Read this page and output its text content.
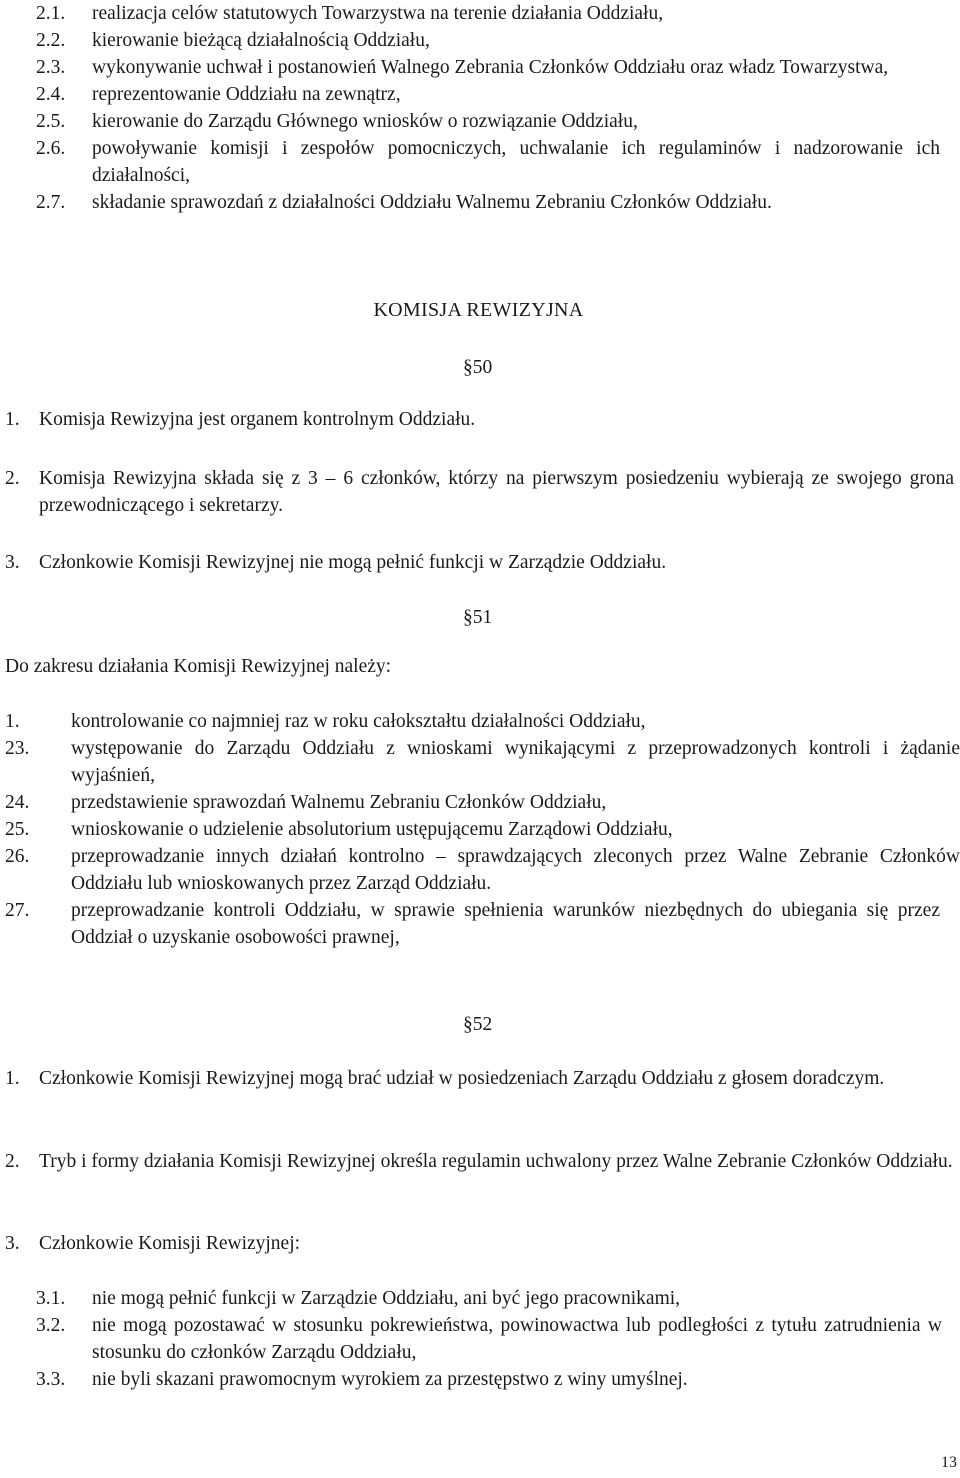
2.1. realizacja celów statutowych Towarzystwa na terenie działania Oddziału,
2.2. kierowanie bieżącą działalnością Oddziału,
2.3. wykonywanie uchwał i postanowień Walnego Zebrania Członków Oddziału oraz władz Towarzystwa,
2.4. reprezentowanie Oddziału na zewnątrz,
2.5. kierowanie do Zarządu Głównego wniosków o rozwiązanie Oddziału,
2.6. powoływanie komisji i zespołów pomocniczych, uchwalanie ich regulaminów i nadzorowanie ich działalności,
2.7. składanie sprawozdań z działalności Oddziału Walnemu Zebraniu Członków Oddziału.
KOMISJA REWIZYJNA
§50
1. Komisja Rewizyjna jest organem kontrolnym Oddziału.
2. Komisja Rewizyjna składa się z 3 – 6 członków, którzy na pierwszym posiedzeniu wybierają ze swojego grona przewodniczącego i sekretarzy.
3. Członkowie Komisji Rewizyjnej nie mogą pełnić funkcji w Zarządzie Oddziału.
§51
Do zakresu działania Komisji Rewizyjnej należy:
1.	kontrolowanie co najmniej raz w roku całokształtu działalności Oddziału,
23. występowanie do Zarządu Oddziału z wnioskami wynikającymi z przeprowadzonych kontroli i żądanie wyjaśnień,
24. przedstawienie sprawozdań Walnemu Zebraniu Członków Oddziału,
25. wnioskowanie o udzielenie absolutorium ustępującemu Zarządowi Oddziału,
26. przeprowadzanie innych działań kontrolno – sprawdzających zleconych przez Walne Zebranie Członków Oddziału lub wnioskowanych przez Zarząd Oddziału.
27. przeprowadzanie kontroli Oddziału, w sprawie spełnienia warunków niezbędnych do ubiegania się przez Oddział o uzyskanie osobowości prawnej,
§52
1. Członkowie Komisji Rewizyjnej mogą brać udział w posiedzeniach Zarządu Oddziału z głosem doradczym.
2. Tryb i formy działania Komisji Rewizyjnej określa regulamin uchwalony przez Walne Zebranie Członków Oddziału.
3. Członkowie Komisji Rewizyjnej:
3.1. nie mogą pełnić funkcji w Zarządzie Oddziału, ani być jego pracownikami,
3.2. nie mogą pozostawać w stosunku pokrewieństwa, powinowactwa lub podległości z tytułu zatrudnienia w stosunku do członków Zarządu Oddziału,
3.3. nie byli skazani prawomocnym wyrokiem za przestępstwo z winy umyślnej.
13
